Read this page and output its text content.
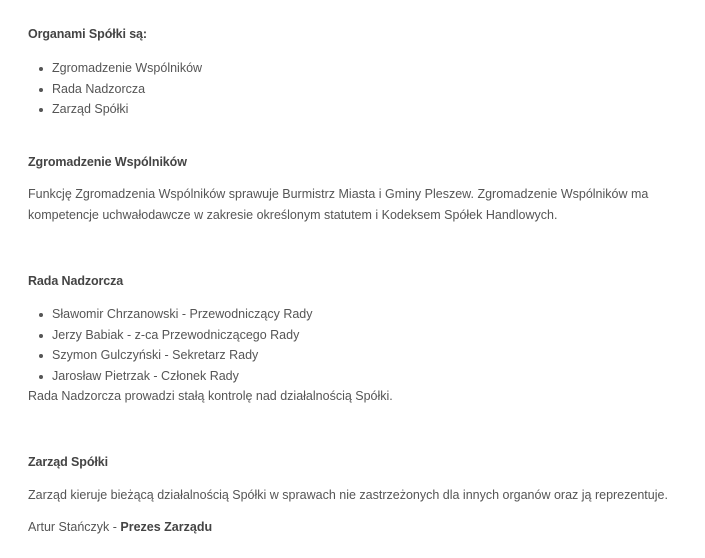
Organami Spółki są:
Zgromadzenie Wspólników
Rada Nadzorcza
Zarząd Spółki
Zgromadzenie Wspólników
Funkcję Zgromadzenia Wspólników sprawuje Burmistrz Miasta i Gminy Pleszew. Zgromadzenie Wspólników ma
kompetencje uchwałodawcze w zakresie określonym statutem i Kodeksem Spółek Handlowych.
Rada Nadzorcza
Sławomir Chrzanowski - Przewodniczący Rady
Jerzy Babiak - z-ca Przewodniczącego Rady
Szymon Gulczyński - Sekretarz Rady
Jarosław Pietrzak - Członek Rady
Rada Nadzorcza prowadzi stałą kontrolę nad działalnością Spółki.
Zarząd Spółki
Zarząd kieruje bieżącą działalnością Spółki w sprawach nie zastrzeżonych dla innych organów oraz ją reprezentuje.
Artur Stańczyk - Prezes Zarządu
